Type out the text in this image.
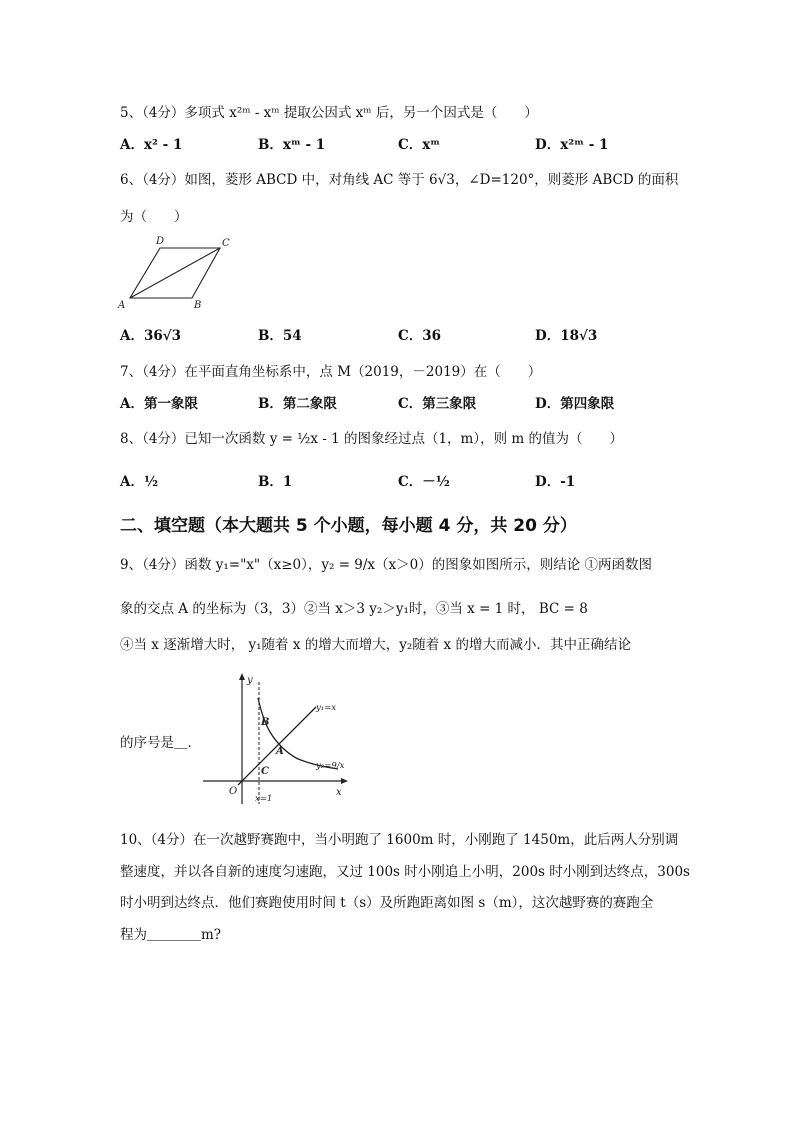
5、（4分）多项式 x²ᵐ - xᵐ 提取公因式 xᵐ 后，另一个因式是（　　）
A．x² - 1	B．xᵐ - 1	C．xᵐ	D．x²ᵐ - 1
6、（4分）如图，菱形 ABCD 中，对角线 AC 等于 6√3，∠D=120°，则菱形 ABCD 的面积
为（　　）
D	C
A	B
A．36√3	B．54	C．36	D．18√3
7、（4分）在平面直角坐标系中，点 M（2019，－2019）在（　　）
A．第一象限	B．第二象限	C．第三象限	D．第四象限
8、（4分）已知一次函数 y = ½x - 1 的图象经过点（1，m），则 m 的值为（　　）
A．½	B．1	C．－½	D．-1
二、填空题（本大题共 5 个小题，每小题 4 分，共 20 分）
9、（4分）函数 y₁="x"（x≥0），y₂ = 9/x（x＞0）的图象如图所示，则结论 ①两函数图
象的交点 A 的坐标为（3，3）②当 x＞3 y₂＞y₁时，③当 x = 1 时， BC = 8
④当 x 逐渐增大时， y₁随着 x 的增大而增大，y₂随着 x 的增大而减小．其中正确结论
的序号是＿．
y
x
O
B
A
C
y₁=x
y₂=9/x
x=1
10、（4分）在一次越野赛跑中，当小明跑了 1600m 时，小刚跑了 1450m，此后两人分别调
整速度，并以各自新的速度匀速跑，又过 100s 时小刚追上小明，200s 时小刚到达终点，300s
时小明到达终点．他们赛跑使用时间 t（s）及所跑距离如图 s（m），这次越野赛的赛跑全
程为＿＿＿＿m?
